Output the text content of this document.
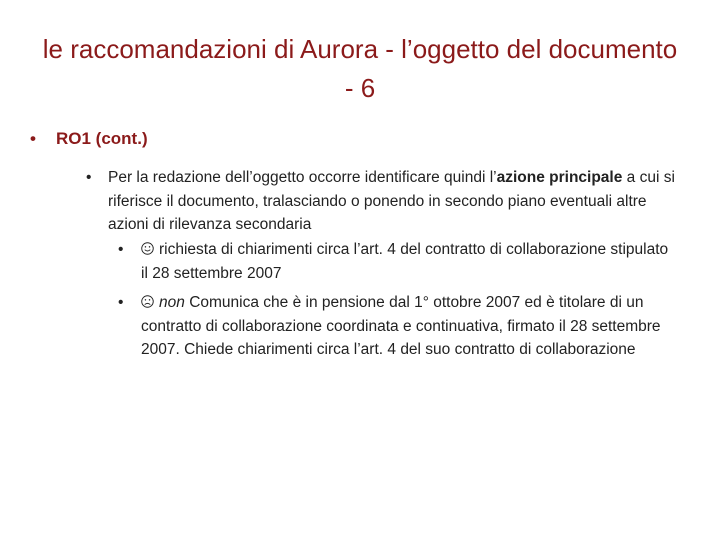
le raccomandazioni di Aurora - l’oggetto del documento - 6
• RO1 (cont.)
• Per la redazione dell’oggetto occorre identificare quindi l’azione principale a cui si riferisce il documento, tralasciando o ponendo in secondo piano eventuali altre azioni di rilevanza secondaria
• richiesta di chiarimenti circa l’art. 4 del contratto di collaborazione stipulato il 28 settembre 2007
• non Comunica che è in pensione dal 1° ottobre 2007 ed è titolare di un contratto di collaborazione coordinata e continuativa, firmato il 28 settembre 2007. Chiede chiarimenti circa l’art. 4 del suo contratto di collaborazione
